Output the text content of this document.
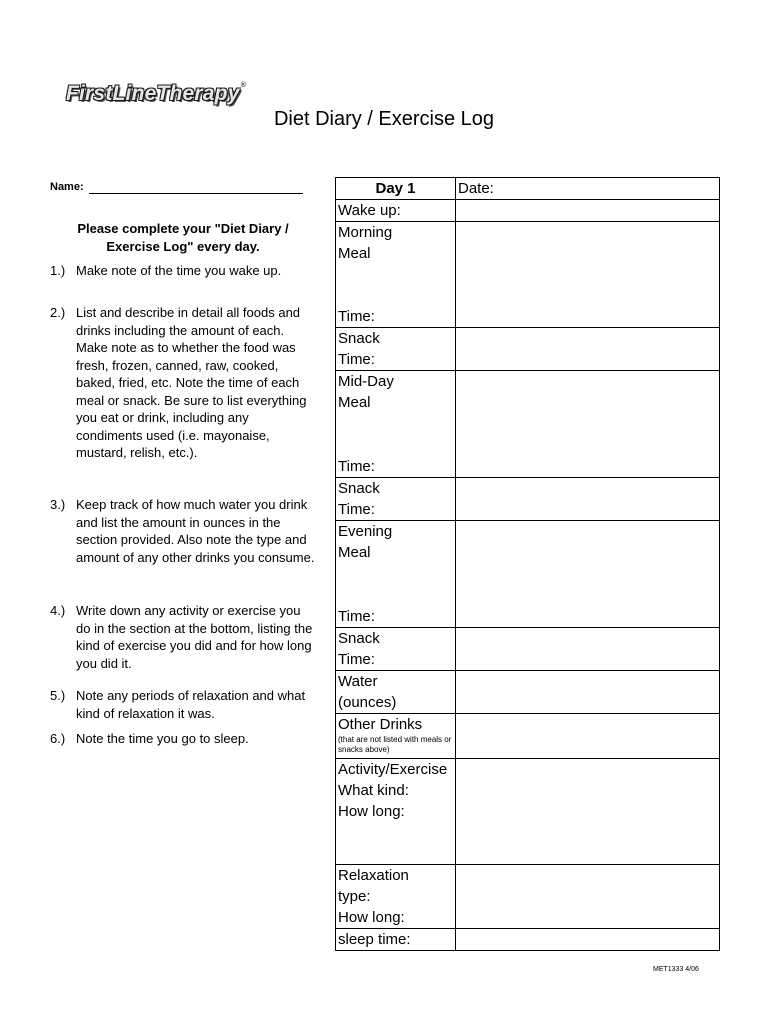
FirstLineTherapy®
Diet Diary / Exercise Log
Name:
Please complete your "Diet Diary / Exercise Log" every day.
1.) Make note of the time you wake up.
2.) List and describe in detail all foods and drinks including the amount of each. Make note as to whether the food was fresh, frozen, canned, raw, cooked, baked, fried, etc. Note the time of each meal or snack. Be sure to list everything you eat or drink, including any condiments used (i.e. mayonaise, mustard, relish, etc.).
3.) Keep track of how much water you drink and list the amount in ounces in the section provided. Also note the type and amount of any other drinks you consume.
4.) Write down any activity or exercise you do in the section at the bottom, listing the kind of exercise you did and for how long you did it.
5.) Note any periods of relaxation and what kind of relaxation it was.
6.) Note the time you go to sleep.
Day 1	Date:
Wake up:	

Morning
Meal
Time:	

Snack
Time:	

Mid-Day
Meal
Time:	

Snack
Time:	

Evening
Meal
Time:	

Snack
Time:	

Water
(ounces)	

Other Drinks
(that are not listed with meals or snacks above)	

Activity/Exercise
What kind:
How long:	

Relaxation
type:
How long:	

sleep time:	
MET1333 4/06
